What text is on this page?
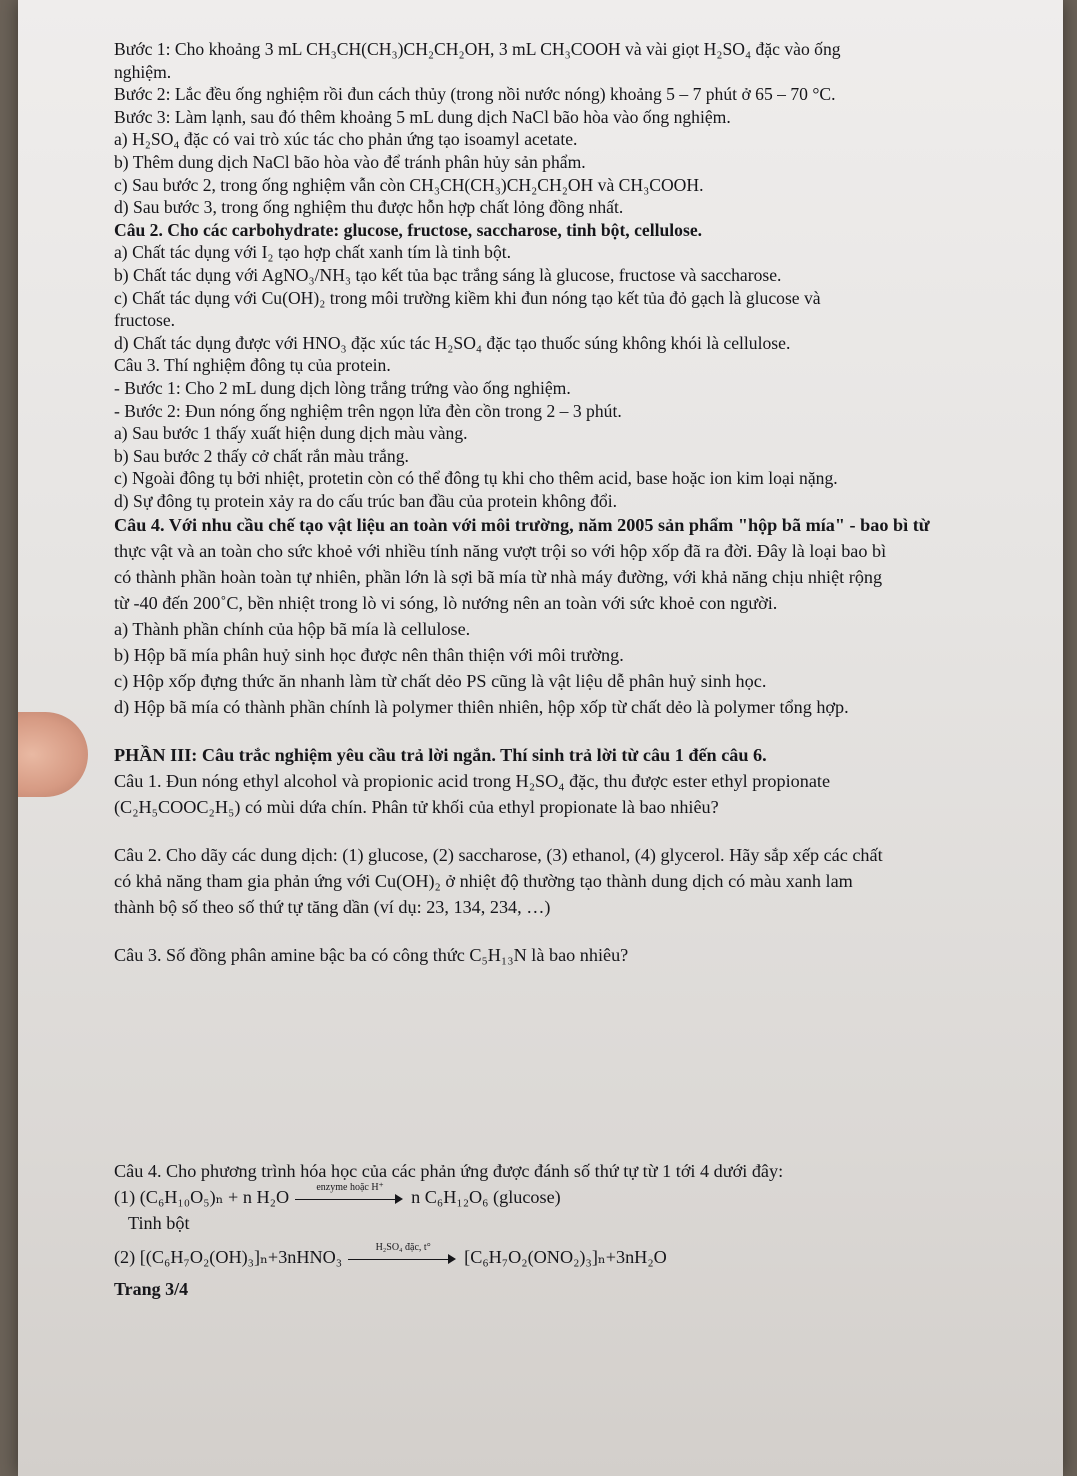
Bước 1: Cho khoảng 3 mL CH₃CH(CH₃)CH₂CH₂OH, 3 mL CH₃COOH và vài giọt H₂SO₄ đặc vào ống
nghiệm.
Bước 2: Lắc đều ống nghiệm rồi đun cách thủy (trong nồi nước nóng) khoảng 5 – 7 phút ở 65 – 70 °C.
Bước 3: Làm lạnh, sau đó thêm khoảng 5 mL dung dịch NaCl bão hòa vào ống nghiệm.
a) H₂SO₄ đặc có vai trò xúc tác cho phản ứng tạo isoamyl acetate.
b) Thêm dung dịch NaCl bão hòa vào để tránh phân hủy sản phẩm.
c) Sau bước 2, trong ống nghiệm vẫn còn CH₃CH(CH₃)CH₂CH₂OH và CH₃COOH.
d) Sau bước 3, trong ống nghiệm thu được hỗn hợp chất lỏng đồng nhất.
Câu 2. Cho các carbohydrate: glucose, fructose, saccharose, tinh bột, cellulose.
a) Chất tác dụng với I₂ tạo hợp chất xanh tím là tinh bột.
b) Chất tác dụng với AgNO₃/NH₃ tạo kết tủa bạc trắng sáng là glucose, fructose và saccharose.
c) Chất tác dụng với Cu(OH)₂ trong môi trường kiềm khi đun nóng tạo kết tủa đỏ gạch là glucose và
fructose.
d) Chất tác dụng được với HNO₃ đặc xúc tác H₂SO₄ đặc tạo thuốc súng không khói là cellulose.
Câu 3. Thí nghiệm đông tụ của protein.
- Bước 1: Cho 2 mL dung dịch lòng trắng trứng vào ống nghiệm.
- Bước 2: Đun nóng ống nghiệm trên ngọn lửa đèn cồn trong 2 – 3 phút.
a) Sau bước 1 thấy xuất hiện dung dịch màu vàng.
b) Sau bước 2 thấy cở chất rắn màu trắng.
c) Ngoài đông tụ bởi nhiệt, protetin còn có thể đông tụ khi cho thêm acid, base hoặc ion kim loại nặng.
d) Sự đông tụ protein xảy ra do cấu trúc ban đầu của protein không đổi.
Câu 4. Với nhu cầu chế tạo vật liệu an toàn với môi trường, năm 2005 sản phẩm "hộp bã mía" - bao bì từ
thực vật và an toàn cho sức khoẻ với nhiều tính năng vượt trội so với hộp xốp đã ra đời. Đây là loại bao bì
có thành phần hoàn toàn tự nhiên, phần lớn là sợi bã mía từ nhà máy đường, với khả năng chịu nhiệt rộng
từ -40 đến 200˚C, bền nhiệt trong lò vi sóng, lò nướng nên an toàn với sức khoẻ con người.
a) Thành phần chính của hộp bã mía là cellulose.
b) Hộp bã mía phân huỷ sinh học được nên thân thiện với môi trường.
c) Hộp xốp đựng thức ăn nhanh làm từ chất dẻo PS cũng là vật liệu dễ phân huỷ sinh học.
d) Hộp bã mía có thành phần chính là polymer thiên nhiên, hộp xốp từ chất dẻo là polymer tổng hợp.
PHẦN III: Câu trắc nghiệm yêu cầu trả lời ngắn. Thí sinh trả lời từ câu 1 đến câu 6.
Câu 1. Đun nóng ethyl alcohol và propionic acid trong H₂SO₄ đặc, thu được ester ethyl propionate
(C₂H₅COOC₂H₅) có mùi dứa chín. Phân tử khối của ethyl propionate là bao nhiêu?
Câu 2. Cho dãy các dung dịch: (1) glucose, (2) saccharose, (3) ethanol, (4) glycerol. Hãy sắp xếp các chất
có khả năng tham gia phản ứng với Cu(OH)₂ ở nhiệt độ thường tạo thành dung dịch có màu xanh lam
thành bộ số theo số thứ tự tăng dần (ví dụ: 23, 134, 234, …)
Câu 3. Số đồng phân amine bậc ba có công thức C₅H₁₃N là bao nhiêu?
Câu 4. Cho phương trình hóa học của các phản ứng được đánh số thứ tự từ 1 tới 4 dưới đây:
(1) (C₆H₁₀O₅)ₙ + n H₂O	enzyme hoặc H⁺	n C₆H₁₂O₆ (glucose)
Tinh bột
(2) [(C₆H₇O₂(OH)₃]ₙ+3nHNO₃	H₂SO₄ đặc, t°	[C₆H₇O₂(ONO₂)₃]ₙ+3nH₂O
Trang 3/4
